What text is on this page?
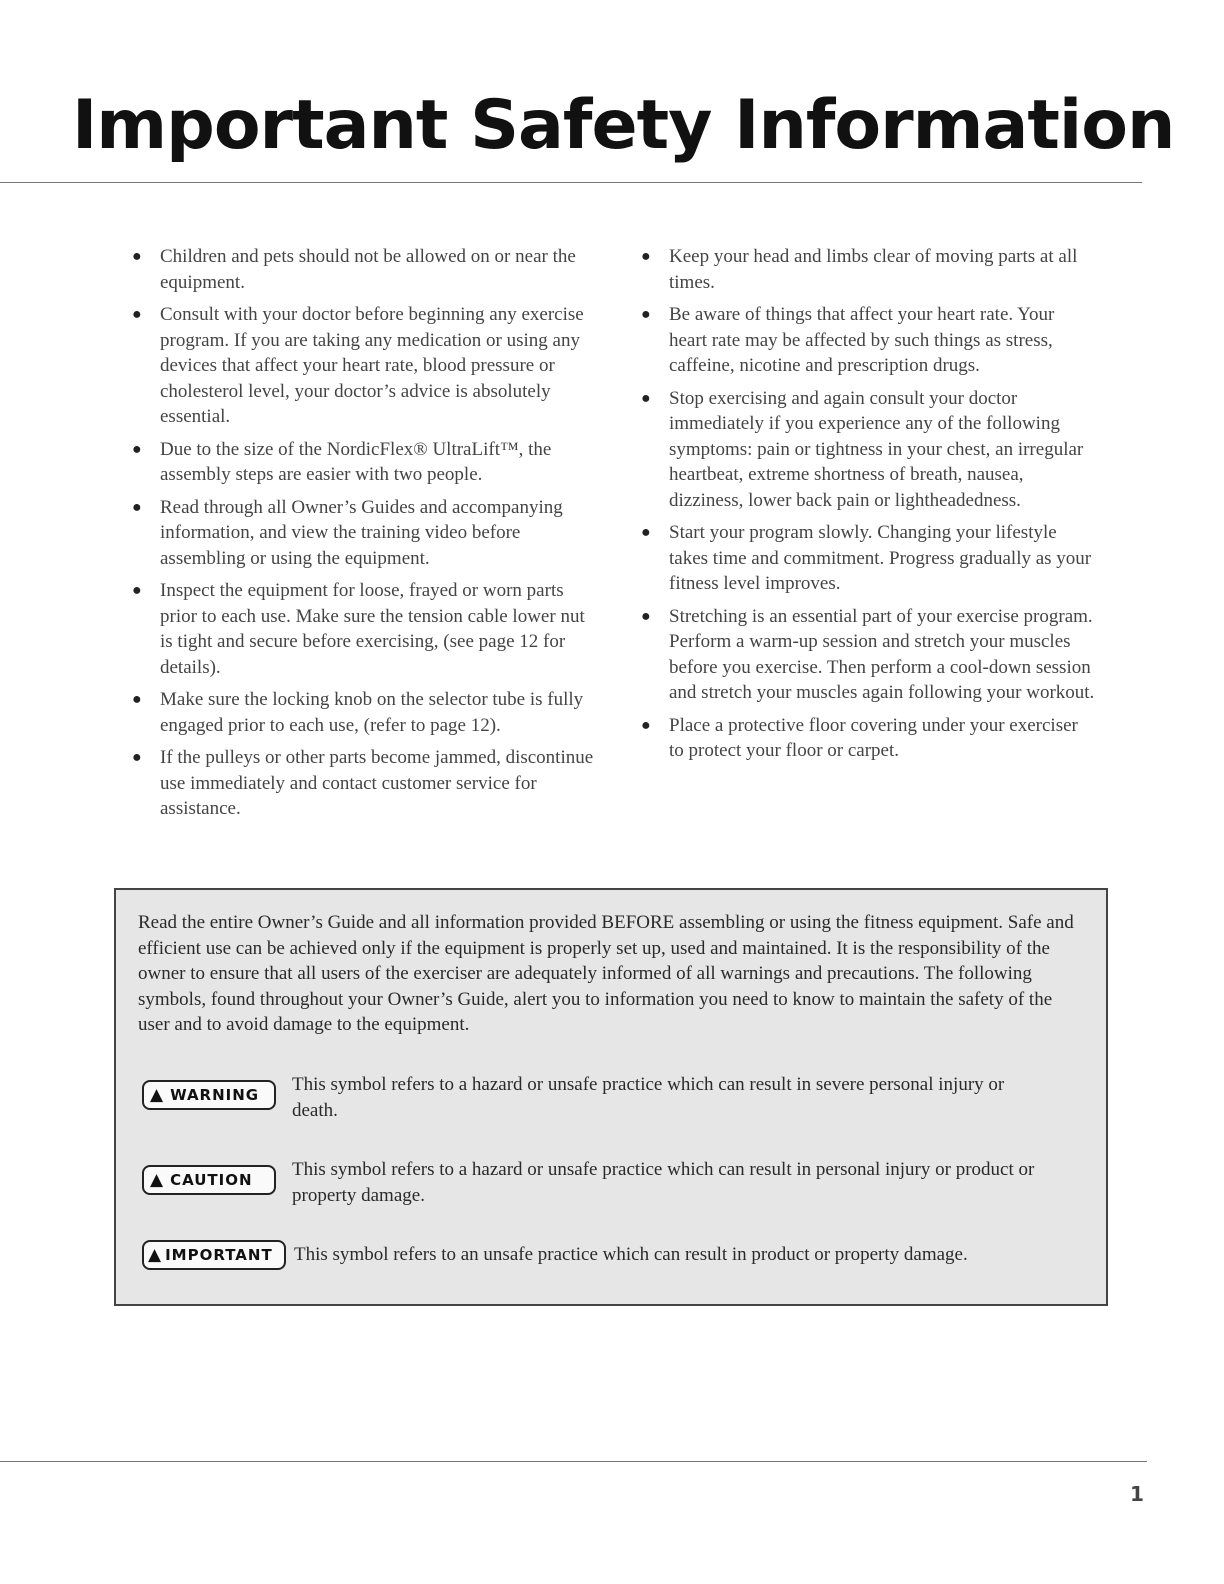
Important Safety Information
● Children and pets should not be allowed on or near the equipment.
● Consult with your doctor before beginning any exercise program. If you are taking any medication or using any devices that affect your heart rate, blood pressure or cholesterol level, your doctor’s advice is absolutely essential.
● Due to the size of the NordicFlex® UltraLift™, the assembly steps are easier with two people.
● Read through all Owner’s Guides and accompanying information, and view the training video before assembling or using the equipment.
● Inspect the equipment for loose, frayed or worn parts prior to each use. Make sure the tension cable lower nut is tight and secure before exercising, (see page 12 for details).
● Make sure the locking knob on the selector tube is fully engaged prior to each use, (refer to page 12).
● If the pulleys or other parts become jammed, discontinue use immediately and contact customer service for assistance.
● Keep your head and limbs clear of moving parts at all times.
● Be aware of things that affect your heart rate. Your heart rate may be affected by such things as stress, caffeine, nicotine and prescription drugs.
● Stop exercising and again consult your doctor immediately if you experience any of the following symptoms: pain or tightness in your chest, an irregular heartbeat, extreme shortness of breath, nausea, dizziness, lower back pain or lightheadedness.
● Start your program slowly. Changing your lifestyle takes time and commitment. Progress gradually as your fitness level improves.
● Stretching is an essential part of your exercise program. Perform a warm-up session and stretch your muscles before you exercise. Then perform a cool-down session and stretch your muscles again following your workout.
● Place a protective floor covering under your exerciser to protect your floor or carpet.

Read the entire Owner’s Guide and all information provided BEFORE assembling or using the fitness equipment. Safe and efficient use can be achieved only if the equipment is properly set up, used and maintained. It is the responsibility of the owner to ensure that all users of the exerciser are adequately informed of all warnings and precautions. The following symbols, found throughout your Owner’s Guide, alert you to information you need to know to maintain the safety of the user and to avoid damage to the equipment.

▲ WARNING This symbol refers to a hazard or unsafe practice which can result in severe personal injury or death.

▲ CAUTION This symbol refers to a hazard or unsafe practice which can result in personal injury or product or property damage.

▲ IMPORTANT This symbol refers to an unsafe practice which can result in product or property damage.

1
